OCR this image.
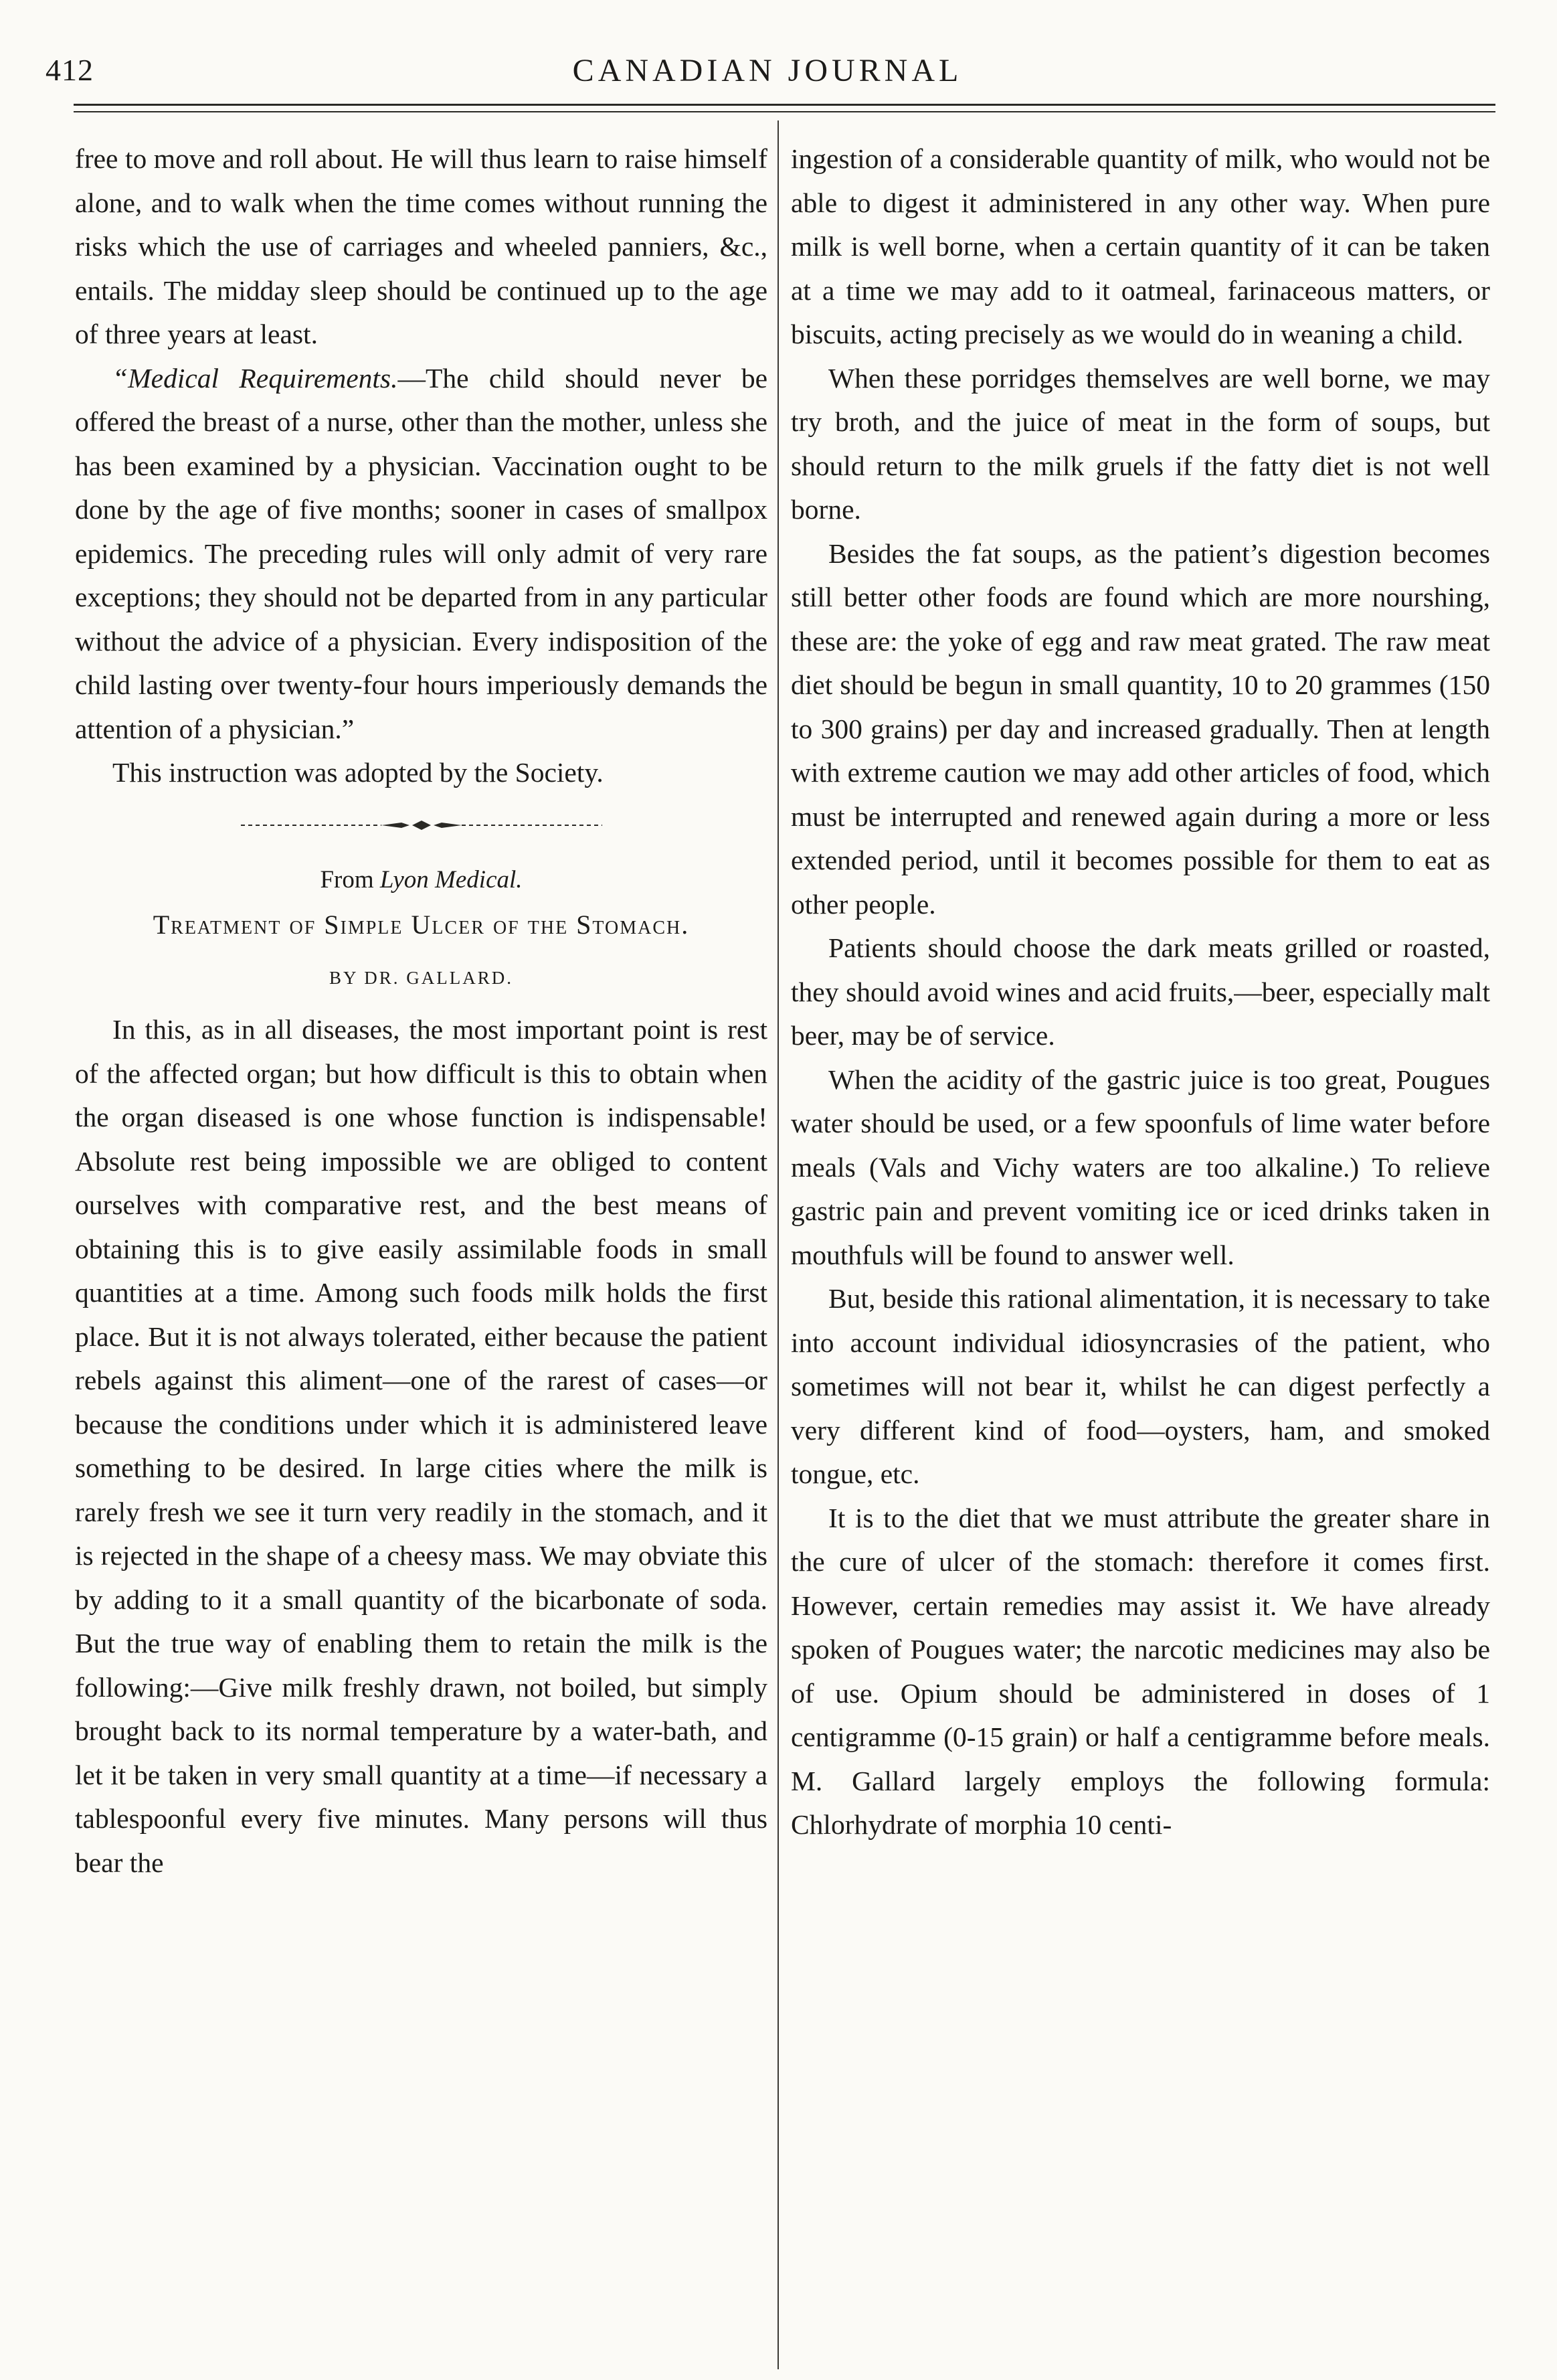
412	CANADIAN JOURNAL

free to move and roll about. He will thus learn to raise himself alone, and to walk when the time comes without running the risks which the use of carriages and wheeled panniers, &c., entails. The midday sleep should be continued up to the age of three years at least.

“Medical Requirements.—The child should never be offered the breast of a nurse, other than the mother, unless she has been examined by a physician. Vaccination ought to be done by the age of five months; sooner in cases of smallpox epidemics. The preceding rules will only admit of very rare exceptions; they should not be departed from in any particular without the advice of a physician. Every indisposition of the child lasting over twenty-four hours imperiously demands the attention of a physician.”

This instruction was adopted by the Society.

From Lyon Medical.
Treatment of Simple Ulcer of the Stomach.
BY DR. GALLARD.

In this, as in all diseases, the most important point is rest of the affected organ; but how difficult is this to obtain when the organ diseased is one whose function is indispensable! Absolute rest being impossible we are obliged to content ourselves with comparative rest, and the best means of obtaining this is to give easily assimilable foods in small quantities at a time. Among such foods milk holds the first place. But it is not always tolerated, either because the patient rebels against this aliment—one of the rarest of cases—or because the conditions under which it is administered leave something to be desired. In large cities where the milk is rarely fresh we see it turn very readily in the stomach, and it is rejected in the shape of a cheesy mass. We may obviate this by adding to it a small quantity of the bicarbonate of soda. But the true way of enabling them to retain the milk is the following:—Give milk freshly drawn, not boiled, but simply brought back to its normal temperature by a water-bath, and let it be taken in very small quantity at a time—if necessary a tablespoonful every five minutes. Many persons will thus bear the

ingestion of a considerable quantity of milk, who would not be able to digest it administered in any other way. When pure milk is well borne, when a certain quantity of it can be taken at a time we may add to it oatmeal, farinaceous matters, or biscuits, acting precisely as we would do in weaning a child.

When these porridges themselves are well borne, we may try broth, and the juice of meat in the form of soups, but should return to the milk gruels if the fatty diet is not well borne.

Besides the fat soups, as the patient’s digestion becomes still better other foods are found which are more nourshing, these are: the yoke of egg and raw meat grated. The raw meat diet should be begun in small quantity, 10 to 20 grammes (150 to 300 grains) per day and increased gradually. Then at length with extreme caution we may add other articles of food, which must be interrupted and renewed again during a more or less extended period, until it becomes possible for them to eat as other people.

Patients should choose the dark meats grilled or roasted, they should avoid wines and acid fruits,—beer, especially malt beer, may be of service.

When the acidity of the gastric juice is too great, Pougues water should be used, or a few spoonfuls of lime water before meals (Vals and Vichy waters are too alkaline.) To relieve gastric pain and prevent vomiting ice or iced drinks taken in mouthfuls will be found to answer well.

But, beside this rational alimentation, it is necessary to take into account individual idiosyncrasies of the patient, who sometimes will not bear it, whilst he can digest perfectly a very different kind of food—oysters, ham, and smoked tongue, etc.

It is to the diet that we must attribute the greater share in the cure of ulcer of the stomach: therefore it comes first. However, certain remedies may assist it. We have already spoken of Pougues water; the narcotic medicines may also be of use. Opium should be administered in doses of 1 centigramme (0-15 grain) or half a centigramme before meals. M. Gallard largely employs the following formula: Chlorhydrate of morphia 10 centi-
